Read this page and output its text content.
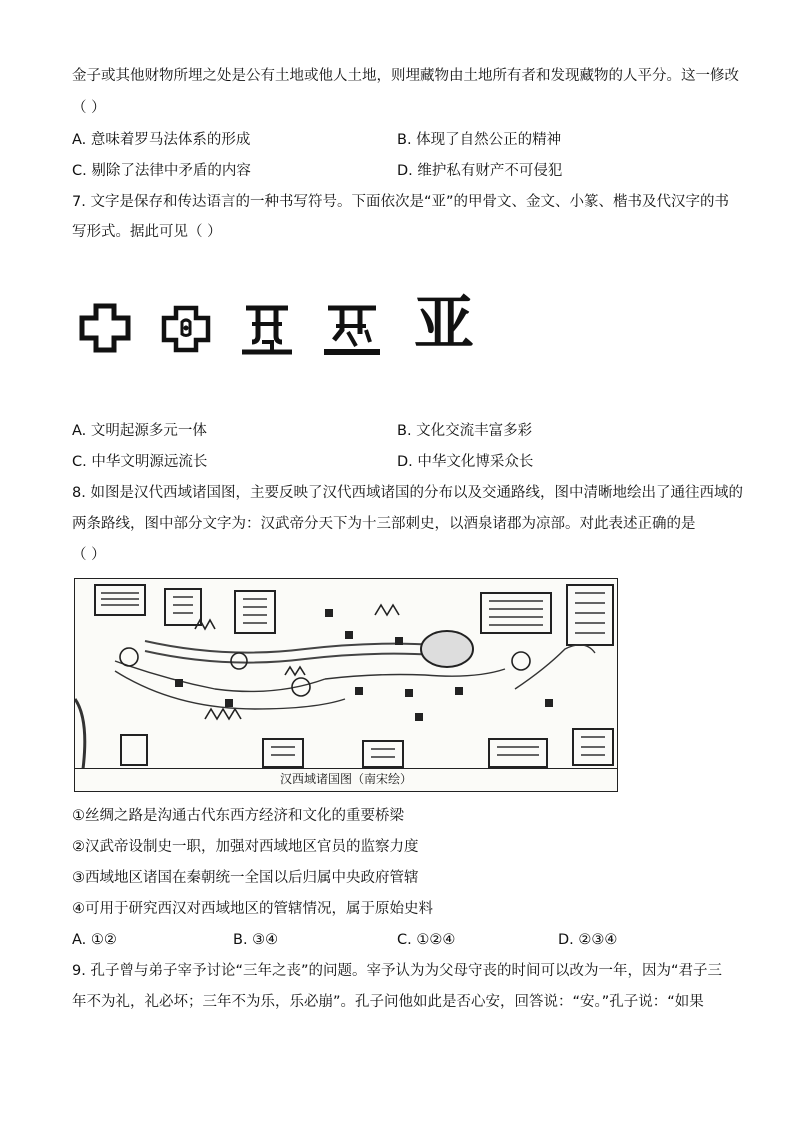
金子或其他财物所埋之处是公有土地或他人土地，则埋藏物由土地所有者和发现藏物的人平分。这一修改
（ ）
A. 意味着罗马法体系的形成	B. 体现了自然公正的精神
C. 剔除了法律中矛盾的内容	D. 维护私有财产不可侵犯
7. 文字是保存和传达语言的一种书写符号。下面依次是“亚”的甲骨文、金文、小篆、楷书及代汉字的书
写形式。据此可见（ ）
亚
A. 文明起源多元一体	B. 文化交流丰富多彩
C. 中华文明源远流长	D. 中华文化博采众长
8. 如图是汉代西域诸国图，主要反映了汉代西域诸国的分布以及交通路线，图中清晰地绘出了通往西域的
两条路线，图中部分文字为：汉武帝分天下为十三部刺史，以酒泉诸郡为凉部。对此表述正确的是
（ ）
汉西域诸国图（南宋绘）
①丝绸之路是沟通古代东西方经济和文化的重要桥梁
②汉武帝设制史一职，加强对西域地区官员的监察力度
③西域地区诸国在秦朝统一全国以后归属中央政府管辖
④可用于研究西汉对西域地区的管辖情况，属于原始史料
A. ①②	B. ③④	C. ①②④	D. ②③④
9. 孔子曾与弟子宰予讨论“三年之丧”的问题。宰予认为为父母守丧的时间可以改为一年，因为“君子三
年不为礼，礼必坏；三年不为乐，乐必崩”。孔子问他如此是否心安，回答说：“安。”孔子说：“如果
